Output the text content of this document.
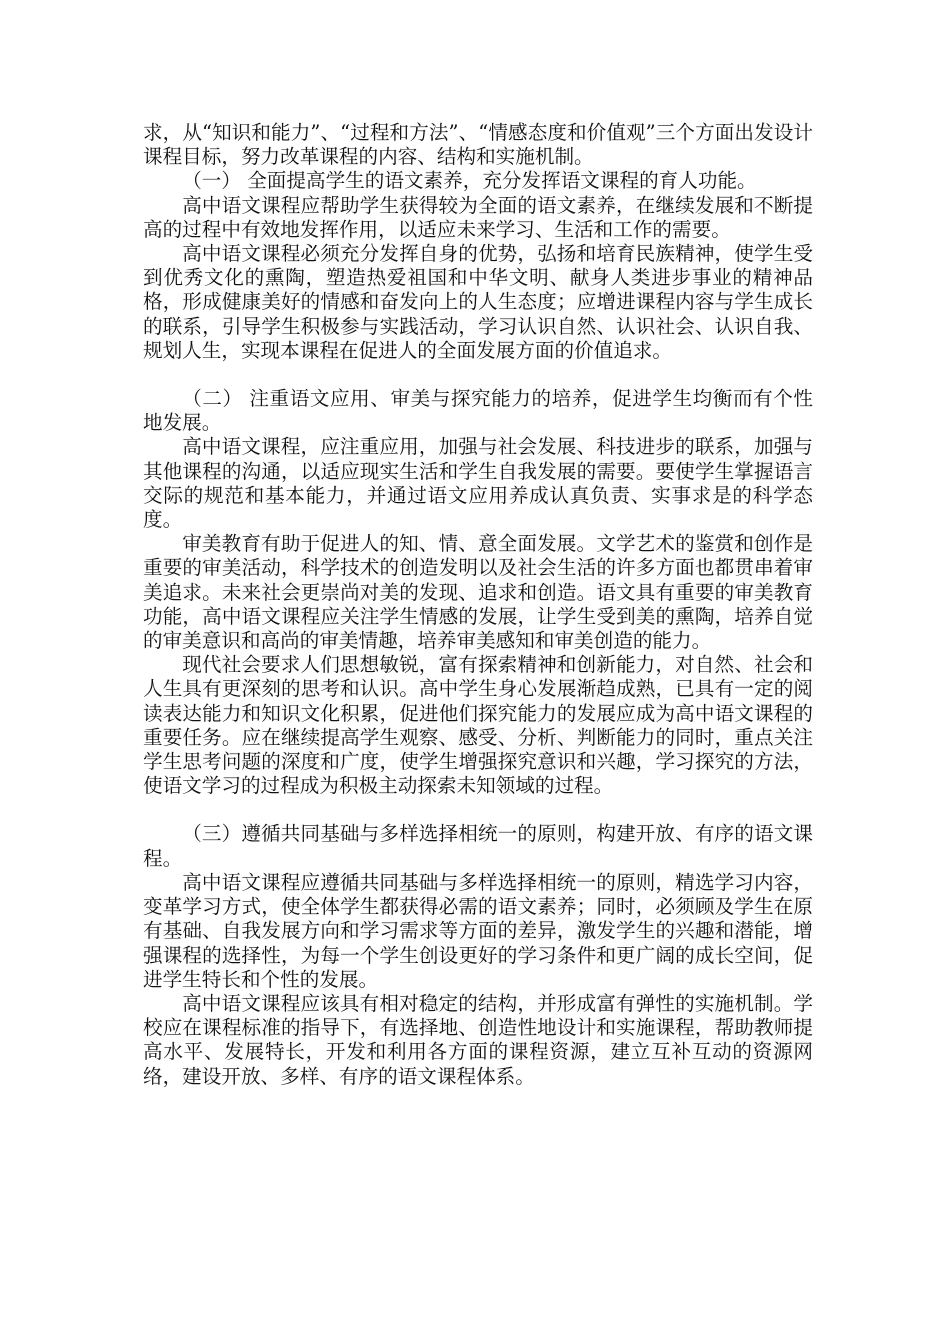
求，从“知识和能力”、“过程和方法”、“情感态度和价值观”三个方面出发设计课程目标，努力改革课程的内容、结构和实施机制。

（一） 全面提高学生的语文素养，充分发挥语文课程的育人功能。

高中语文课程应帮助学生获得较为全面的语文素养，在继续发展和不断提高的过程中有效地发挥作用，以适应未来学习、生活和工作的需要。

高中语文课程必须充分发挥自身的优势，弘扬和培育民族精神，使学生受到优秀文化的熏陶，塑造热爱祖国和中华文明、献身人类进步事业的精神品格，形成健康美好的情感和奋发向上的人生态度；应增进课程内容与学生成长的联系，引导学生积极参与实践活动，学习认识自然、认识社会、认识自我、规划人生，实现本课程在促进人的全面发展方面的价值追求。

（二） 注重语文应用、审美与探究能力的培养，促进学生均衡而有个性地发展。

高中语文课程，应注重应用，加强与社会发展、科技进步的联系，加强与其他课程的沟通，以适应现实生活和学生自我发展的需要。要使学生掌握语言交际的规范和基本能力，并通过语文应用养成认真负责、实事求是的科学态度。

审美教育有助于促进人的知、情、意全面发展。文学艺术的鉴赏和创作是重要的审美活动，科学技术的创造发明以及社会生活的许多方面也都贯串着审美追求。未来社会更崇尚对美的发现、追求和创造。语文具有重要的审美教育功能，高中语文课程应关注学生情感的发展，让学生受到美的熏陶，培养自觉的审美意识和高尚的审美情趣，培养审美感知和审美创造的能力。

现代社会要求人们思想敏锐，富有探索精神和创新能力，对自然、社会和人生具有更深刻的思考和认识。高中学生身心发展渐趋成熟，已具有一定的阅读表达能力和知识文化积累，促进他们探究能力的发展应成为高中语文课程的重要任务。应在继续提高学生观察、感受、分析、判断能力的同时，重点关注学生思考问题的深度和广度，使学生增强探究意识和兴趣，学习探究的方法，使语文学习的过程成为积极主动探索未知领域的过程。

（三）遵循共同基础与多样选择相统一的原则，构建开放、有序的语文课程。

高中语文课程应遵循共同基础与多样选择相统一的原则，精选学习内容，变革学习方式，使全体学生都获得必需的语文素养；同时，必须顾及学生在原有基础、自我发展方向和学习需求等方面的差异，激发学生的兴趣和潜能，增强课程的选择性，为每一个学生创设更好的学习条件和更广阔的成长空间，促进学生特长和个性的发展。

高中语文课程应该具有相对稳定的结构，并形成富有弹性的实施机制。学校应在课程标准的指导下，有选择地、创造性地设计和实施课程，帮助教师提高水平、发展特长，开发和利用各方面的课程资源，建立互补互动的资源网络，建设开放、多样、有序的语文课程体系。
